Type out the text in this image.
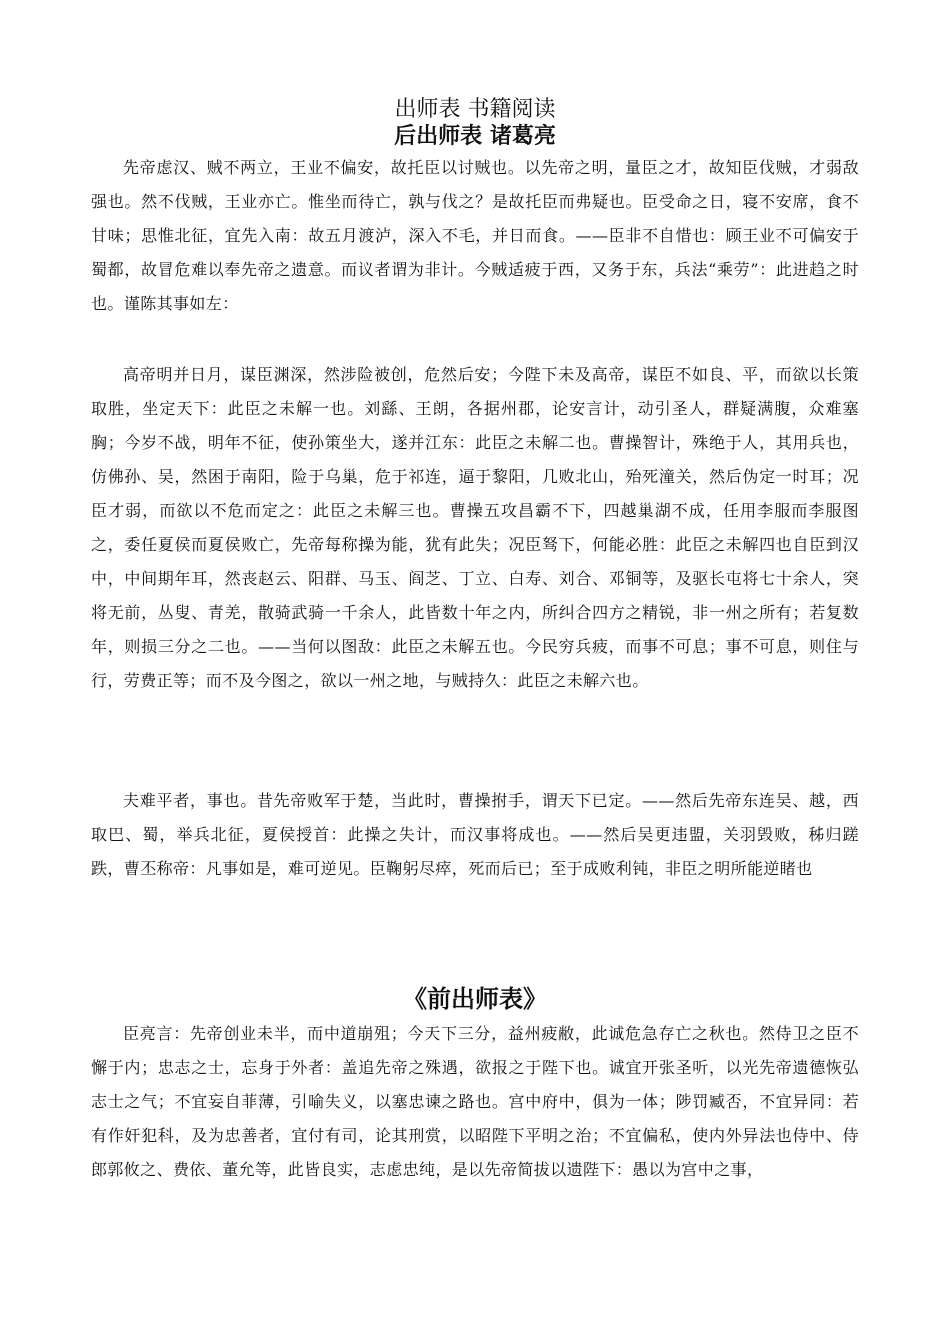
出师表 书籍阅读
后出师表 诸葛亮

先帝虑汉、贼不两立，王业不偏安，故托臣以讨贼也。以先帝之明，量臣之才，故知臣伐贼，才弱敌强也。然不伐贼，王业亦亡。惟坐而待亡，孰与伐之？是故托臣而弗疑也。臣受命之日，寝不安席，食不甘味；思惟北征，宜先入南：故五月渡泸，深入不毛，并日而食。——臣非不自惜也：顾王业不可偏安于蜀都，故冒危难以奉先帝之遗意。而议者谓为非计。今贼适疲于西，又务于东，兵法“乘劳”：此进趋之时也。谨陈其事如左：

高帝明并日月，谋臣渊深，然涉险被创，危然后安；今陛下未及高帝，谋臣不如良、平，而欲以长策取胜，坐定天下：此臣之未解一也。刘繇、王朗，各据州郡，论安言计，动引圣人，群疑满腹，众难塞胸；今岁不战，明年不征，使孙策坐大，遂并江东：此臣之未解二也。曹操智计，殊绝于人，其用兵也，仿佛孙、吴，然困于南阳，险于乌巢，危于祁连，逼于黎阳，几败北山，殆死潼关，然后伪定一时耳；况臣才弱，而欲以不危而定之：此臣之未解三也。曹操五攻昌霸不下，四越巢湖不成，任用李服而李服图之，委任夏侯而夏侯败亡，先帝每称操为能，犹有此失；况臣驽下，何能必胜：此臣之未解四也自臣到汉中，中间期年耳，然丧赵云、阳群、马玉、阎芝、丁立、白寿、刘合、邓铜等，及驱长屯将七十余人，突将无前，丛叟、青羌，散骑武骑一千余人，此皆数十年之内，所纠合四方之精锐，非一州之所有；若复数年，则损三分之二也。——当何以图敌：此臣之未解五也。今民穷兵疲，而事不可息；事不可息，则住与行，劳费正等；而不及今图之，欲以一州之地，与贼持久：此臣之未解六也。

夫难平者，事也。昔先帝败军于楚，当此时，曹操拊手，谓天下已定。——然后先帝东连吴、越，西取巴、蜀，举兵北征，夏侯授首：此操之失计，而汉事将成也。——然后吴更违盟，关羽毁败，秭归蹉跌，曹丕称帝：凡事如是，难可逆见。臣鞠躬尽瘁，死而后已；至于成败利钝，非臣之明所能逆睹也

《前出师表》

臣亮言：先帝创业未半，而中道崩殂；今天下三分，益州疲敝，此诚危急存亡之秋也。然侍卫之臣不懈于内；忠志之士，忘身于外者：盖追先帝之殊遇，欲报之于陛下也。诚宜开张圣听，以光先帝遗德恢弘志士之气；不宜妄自菲薄，引喻失义，以塞忠谏之路也。宫中府中，俱为一体；陟罚臧否，不宜异同：若有作奸犯科，及为忠善者，宜付有司，论其刑赏，以昭陛下平明之治；不宜偏私，使内外异法也侍中、侍郎郭攸之、费依、董允等，此皆良实，志虑忠纯，是以先帝简拔以遗陛下：愚以为宫中之事，
